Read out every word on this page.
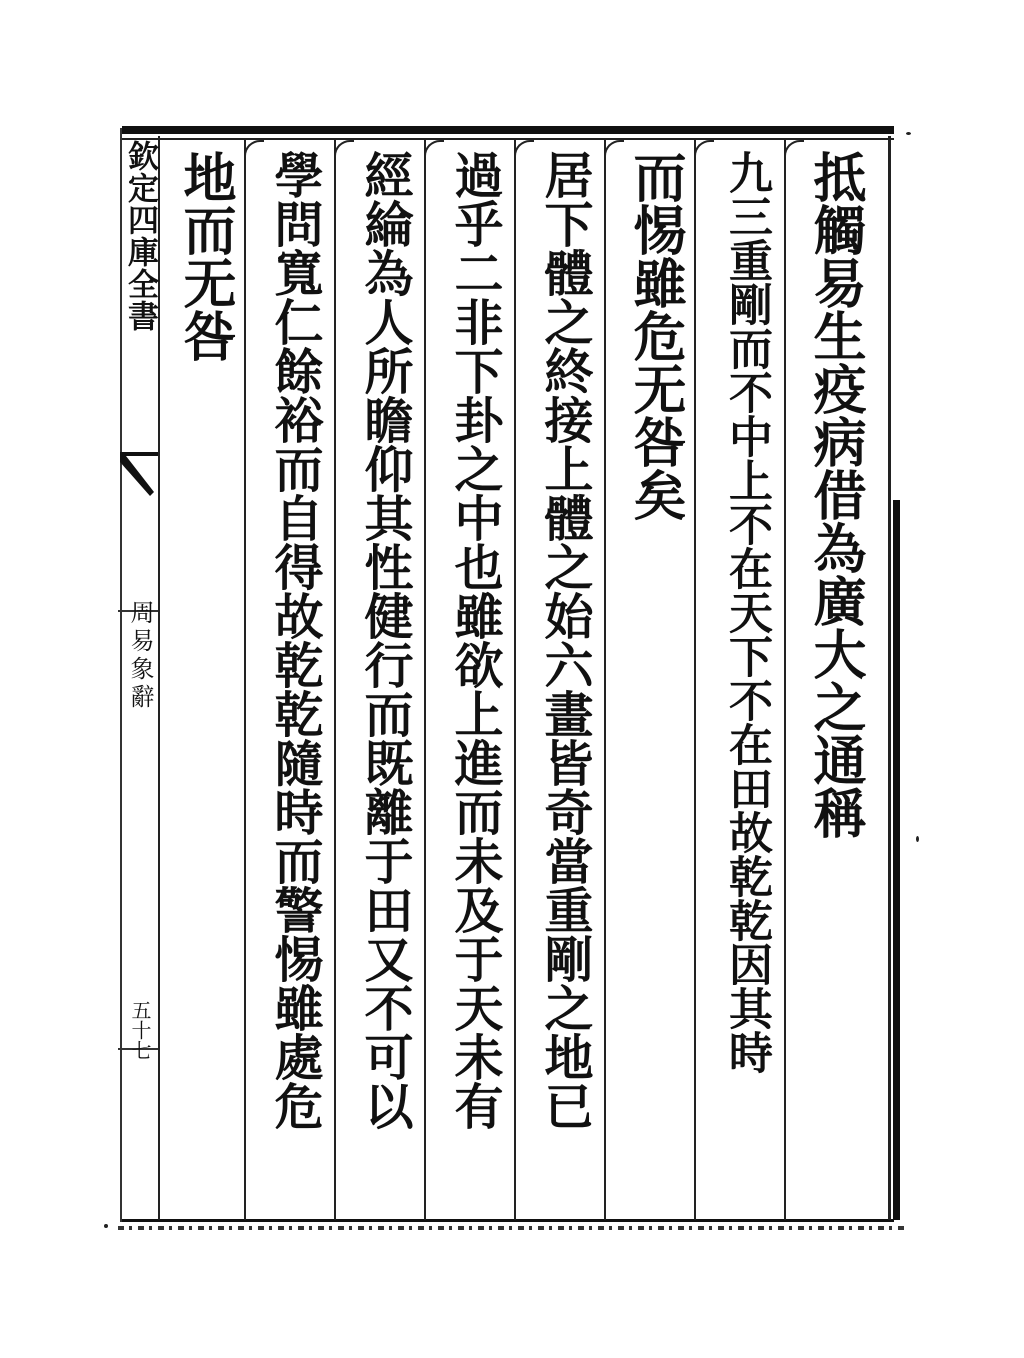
欽定四庫全書
周易象辭
五十七
抵觸易生疫病借為廣大之通稱
九三重剛而不中上不在天下不在田故乾乾因其時
而惕雖危无咎矣
居下體之終接上體之始六畫皆奇當重剛之地已
過乎二非下卦之中也雖欲上進而未及于天未有
經綸為人所瞻仰其性健行而既離于田又不可以
學問寬仁餘裕而自得故乾乾隨時而警惕雖處危
地而无咎
